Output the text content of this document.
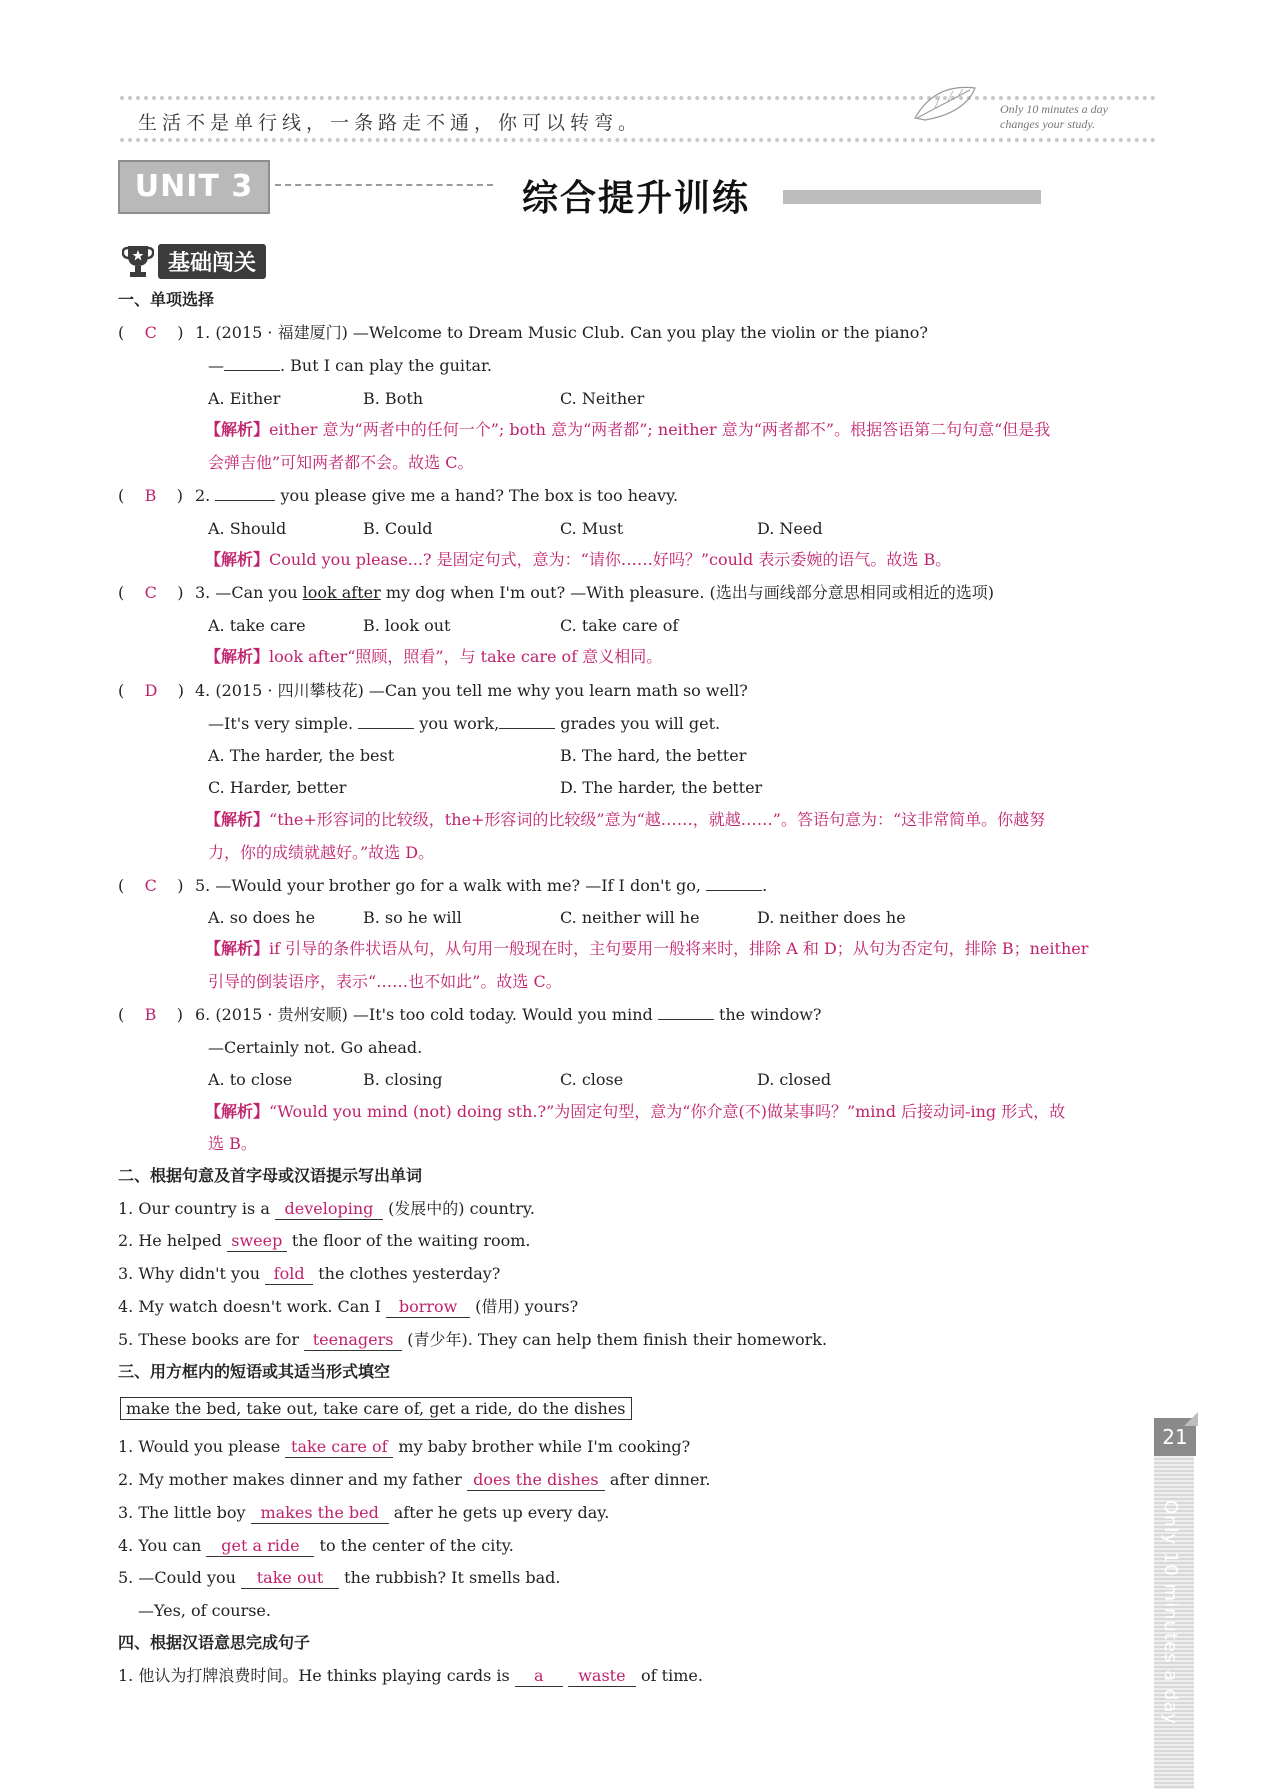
生活不是单行线，一条路走不通，你可以转弯。
Only 10 minutes a day
changes your study.
UNIT 3	综合提升训练
基础闯关
一、单项选择
( C ) 1. (2015 · 福建厦门) —Welcome to Dream Music Club. Can you play the violin or the piano?
—	. But I can play the guitar.
A. Either	B. Both	C. Neither
【解析】either 意为“两者中的任何一个”; both 意为“两者都”; neither 意为“两者都不”。根据答语第二句句意“但是我
会弹吉他”可知两者都不会。故选 C。
( B ) 2.	you please give me a hand? The box is too heavy.
A. Should	B. Could	C. Must	D. Need
【解析】Could you please...? 是固定句式，意为：“请你……好吗？”could 表示委婉的语气。故选 B。
( C ) 3. —Can you look after my dog when I'm out? —With pleasure. (选出与画线部分意思相同或相近的选项)
A. take care	B. look out	C. take care of
【解析】look after“照顾，照看”，与 take care of 意义相同。
( D ) 4. (2015 · 四川攀枝花) —Can you tell me why you learn math so well?
—It's very simple.	you work,	grades you will get.
A. The harder, the best	B. The hard, the better
C. Harder, better	D. The harder, the better
【解析】“the+形容词的比较级，the+形容词的比较级”意为“越……，就越……”。答语句意为：“这非常简单。你越努
力，你的成绩就越好。”故选 D。
( C ) 5. —Would your brother go for a walk with me? —If I don't go,	.
A. so does he	B. so he will	C. neither will he	D. neither does he
【解析】if 引导的条件状语从句，从句用一般现在时，主句要用一般将来时，排除 A 和 D；从句为否定句，排除 B；neither
引导的倒装语序，表示“……也不如此”。故选 C。
( B ) 6. (2015 · 贵州安顺) —It's too cold today. Would you mind	the window?
—Certainly not. Go ahead.
A. to close	B. closing	C. close	D. closed
【解析】“Would you mind (not) doing sth.?”为固定句型，意为“你介意(不)做某事吗？”mind 后接动词-ing 形式，故
选 B。
二、根据句意及首字母或汉语提示写出单词
1. Our country is a developing (发展中的) country.
2. He helped sweep the floor of the waiting room.
3. Why didn't you fold the clothes yesterday?
4. My watch doesn't work. Can I borrow (借用) yours?
5. These books are for teenagers (青少年). They can help them finish their homework.
三、用方框内的短语或其适当形式填空
make the bed, take out, take care of, get a ride, do the dishes
1. Would you please take care of my baby brother while I'm cooking?
2. My mother makes dinner and my father does the dishes after dinner.
3. The little boy makes the bed after he gets up every day.
4. You can get a ride to the center of the city.
5. —Could you take out the rubbish? It smells bad.
—Yes, of course.
四、根据汉语意思完成句子
1. 他认为打牌浪费时间。He thinks playing cards is a waste of time.	Only 10 minutes a day
21
